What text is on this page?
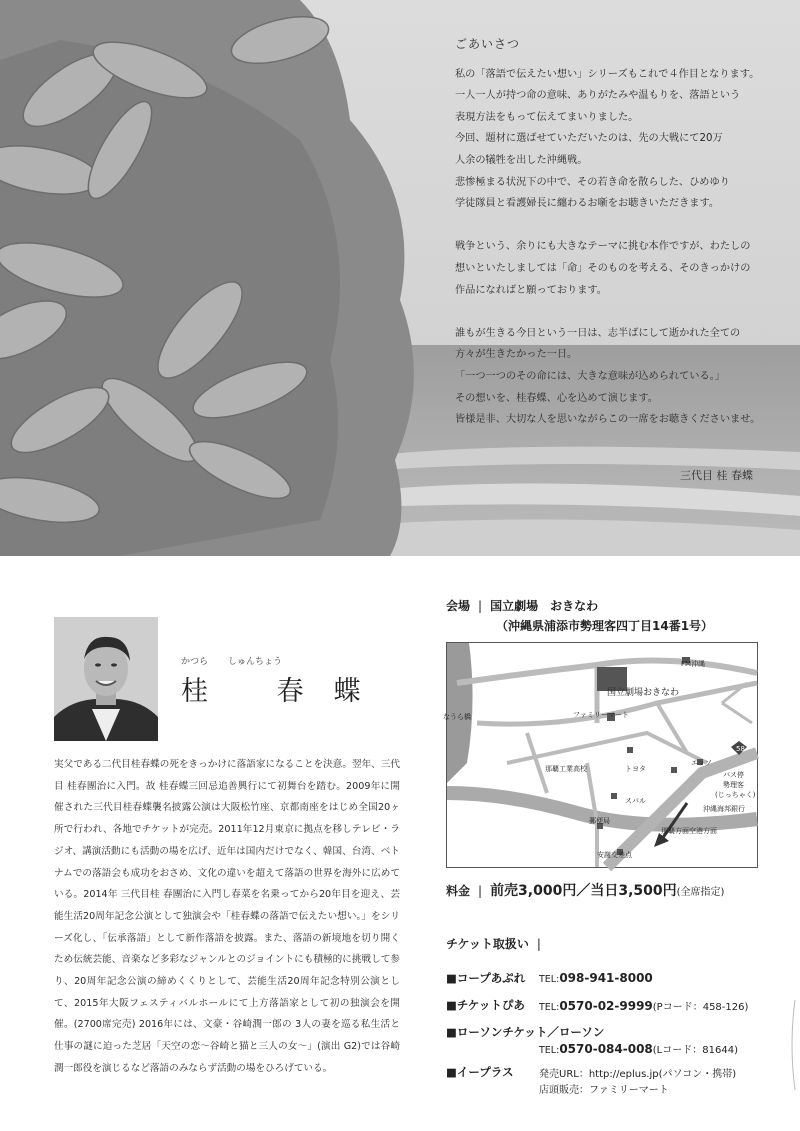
ごあいさつ

私の「落語で伝えたい想い」シリーズもこれで４作目となります。

一人一人が持つ命の意味、ありがたみや温もりを、落語という

表現方法をもって伝えてまいりました。

今回、題材に選ばせていただいたのは、先の大戦にて20万

人余の犠牲を出した沖縄戦。

悲惨極まる状況下の中で、その若き命を散らした、ひめゆり

学徒隊員と看護婦長に纏わるお噺をお聴きいただきます。

戦争という、余りにも大きなテーマに挑む本作ですが、わたしの

想いといたしましては「命」そのものを考える、そのきっかけの

作品になればと願っております。

誰もが生きる今日という一日は、志半ばにして逝かれた全ての

方々が生きたかった一日。

「一つ一つのその命には、大きな意味が込められている。」

その想いを、桂春蝶、心を込めて演じます。

皆様是非、大切な人を思いながらこの一席をお聴きくださいませ。

三代目 桂 春蝶
かつら しゅんちょう
桂 春蝶
実父である二代目桂春蝶の死をきっかけに落語家になることを決意。翌年、三代目 桂春團治に入門。故 桂春蝶三回忌追善興行にて初舞台を踏む。2009年に開催された三代目桂春蝶襲名披露公演は大阪松竹座、京都南座をはじめ全国20ヶ所で行われ、各地でチケットが完売。2011年12月東京に拠点を移しテレビ・ラジオ、講演活動にも活動の場を広げ、近年は国内だけでなく、韓国、台湾、ベトナムでの落語会も成功をおさめ、文化の違いを超えて落語の世界を海外に広めている。2014年 三代目桂 春團治に入門し春菜を名乗ってから20年目を迎え、芸能生活20周年記念公演として独演会や「桂春蝶の落語で伝えたい想い。」をシリーズ化し、「伝承落語」として新作落語を披露。また、落語の新境地を切り開くため伝統芸能、音楽など多彩なジャンルとのジョイントにも積極的に挑戦して参り、20周年記念公演の締めくくりとして、芸能生活20周年記念特別公演として、2015年大阪フェスティバルホールにて上方落語家として初の独演会を開催。(2700席完売) 2016年には、文豪・谷崎潤一郎の 3人の妻を巡る私生活と仕事の謎に迫った芝居「天空の恋～谷崎と猫と三人の女～」(演出 G2)では谷崎潤一郎役を演じるなど落語のみならず活動の場をひろげている。
会場 | 国立劇場　おきなわ
（沖縄県浦添市勢理客四丁目14番1号）
国立劇場おきなわ
FM沖縄
ファミリーマート
なうら橋
那覇工業高校	トヨタ
エッソ
バス停
勢理客
(じっちゃく)
58
スバル
沖縄海邦銀行
郵便局
那覇方面空港方面
安謝交差点
料金 | 前売3,000円／当日3,500円(全席指定)
チケット取扱い |
■コープあぷれ TEL:098-941-8000
■チケットぴあ TEL:0570-02-9999(Pコード：458-126)
■ローソンチケット／ローソン
TEL:0570-084-008(Lコード：81644)
■イープラス	発売URL：http://eplus.jp(パソコン・携帯)
店頭販売：ファミリーマート
